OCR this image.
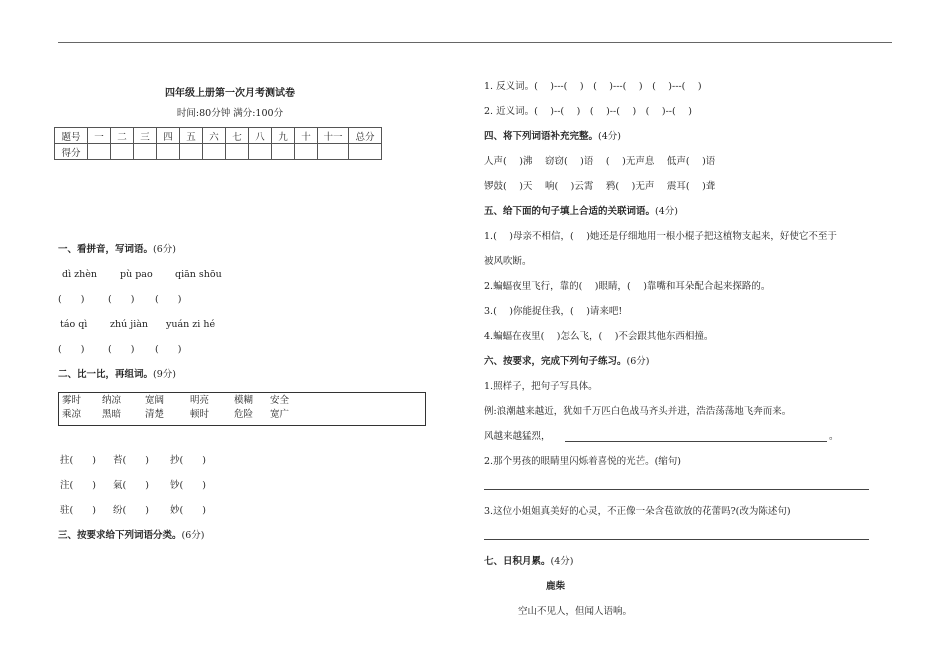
四年级上册第一次月考测试卷
时间:80分钟 满分:100分
题号	一	二	三	四	五	六	七	八	九	十	十一	总分
得分												
一、看拼音，写词语。(6分)
dì zhèn pù pao qiān shōu
(　　) (　　) (　　)
táo qì zhú jiàn yuán zi hé
(　　) (　　) (　　)
二、比一比，再组词。(9分)
雾时 纳凉	宽阔	明亮	模糊 安全
乘凉 黑暗	清楚	顿时	危险 宽广
拄(　　) 苔(　　) 抄(　　)
注(　　) 氣(　　) 钞(　　)
驻(　　) 纷(　　) 妙(　　)
三、按要求给下列词语分类。(6分)
1. 反义词。(　 )---(　 )　(　 )---(　 )　(　 )---(　 )
2. 近义词。(　 )--(　 )　(　 )--(　 )　(　 )--(　 )
四、将下列词语补充完整。(4分)
人声(　 )沸　 窃窃(　 )语　 (　 )无声息　 低声(　 )语
锣鼓(　 )天　 响(　 )云霄　 鸦(　 )无声　 震耳(　 )聋
五、给下面的句子填上合适的关联词语。(4分)
1.(　 )母亲不相信，(　 )她还是仔细地用一根小棍子把这植物支起来，好使它不至于
被风吹断。
2.蝙蝠夜里飞行，靠的(　 )眼睛，(　 )靠嘴和耳朵配合起来探路的。
3.(　 )你能捉住我，(　 )请来吧!
4.蝙蝠在夜里(　 )怎么飞，(　 )不会跟其他东西相撞。
六、按要求，完成下列句子练习。(6分)
1.照样子，把句子写具体。
例:浪潮越来越近，犹如千万匹白色战马齐头并进，浩浩荡荡地飞奔而来。
风越来越猛烈，	。
2.那个男孩的眼睛里闪烁着喜悦的光芒。(缩句)
3.这位小姐姐真美好的心灵，不正像一朵含苞欲放的花蕾吗?(改为陈述句)
七、日积月累。(4分)
鹿柴
空山不见人，但闻人语响。
